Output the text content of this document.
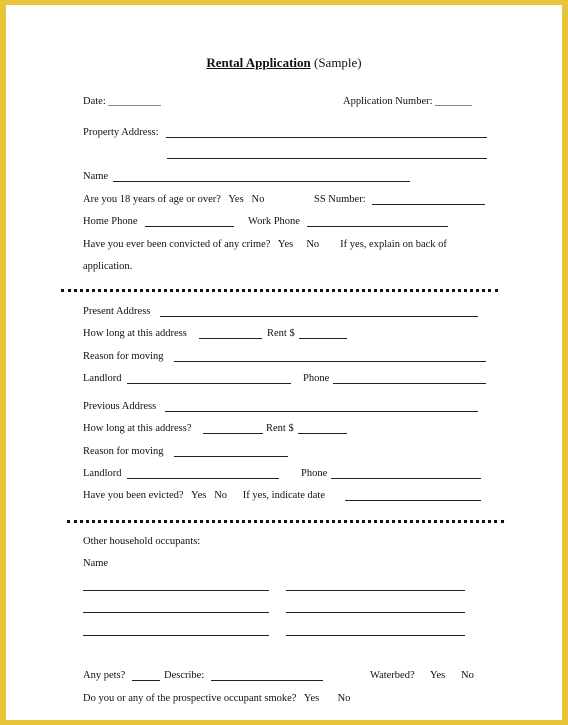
Rental Application (Sample)
Date: __________	Application Number: _______
Property Address:
Name
Are you 18 years of age or over?   Yes   No	SS Number:
Home Phone	Work Phone
Have you ever been convicted of any crime?   Yes     No        If yes, explain on back of
application.
Present Address
How long at this address	Rent $
Reason for moving
Landlord	Phone
Previous Address
How long at this address?	Rent $
Reason for moving
Landlord	Phone
Have you been evicted?   Yes   No      If yes, indicate date
Other household occupants:
Name
Any pets?	Describe:	Waterbed?      Yes      No
Do you or any of the prospective occupant smoke?   Yes       No
